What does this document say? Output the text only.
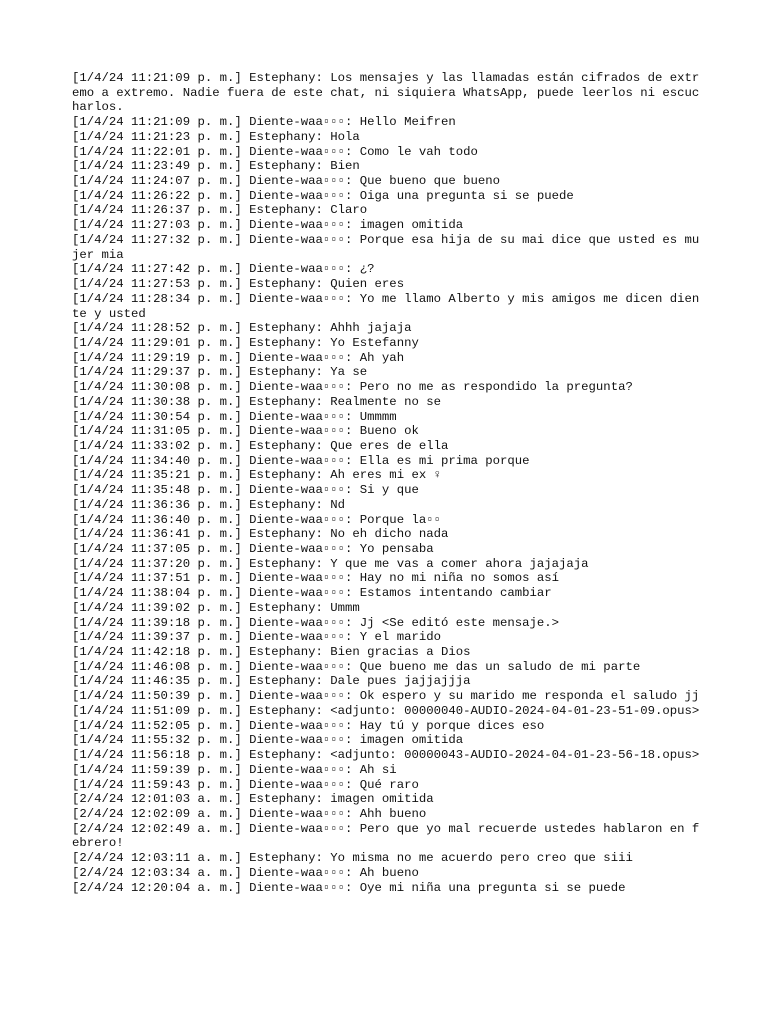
[1/4/24 11:21:09 p. m.] Estephany: Los mensajes y las llamadas están cifrados de extremo a extremo. Nadie fuera de este chat, ni siquiera WhatsApp, puede leerlos ni escucharlos.
[1/4/24 11:21:09 p. m.] Diente-waa▫▫▫: Hello Meifren
[1/4/24 11:21:23 p. m.] Estephany: Hola
[1/4/24 11:22:01 p. m.] Diente-waa▫▫▫: Como le vah todo
[1/4/24 11:23:49 p. m.] Estephany: Bien
[1/4/24 11:24:07 p. m.] Diente-waa▫▫▫: Que bueno que bueno
[1/4/24 11:26:22 p. m.] Diente-waa▫▫▫: Oiga una pregunta si se puede
[1/4/24 11:26:37 p. m.] Estephany: Claro
[1/4/24 11:27:03 p. m.] Diente-waa▫▫▫: imagen omitida
[1/4/24 11:27:32 p. m.] Diente-waa▫▫▫: Porque esa hija de su mai dice que usted es mujer mia
[1/4/24 11:27:42 p. m.] Diente-waa▫▫▫: ¿?
[1/4/24 11:27:53 p. m.] Estephany: Quien eres
[1/4/24 11:28:34 p. m.] Diente-waa▫▫▫: Yo me llamo Alberto y mis amigos me dicen diente y usted
[1/4/24 11:28:52 p. m.] Estephany: Ahhh jajaja
[1/4/24 11:29:01 p. m.] Estephany: Yo Estefanny
[1/4/24 11:29:19 p. m.] Diente-waa▫▫▫: Ah yah
[1/4/24 11:29:37 p. m.] Estephany: Ya se
[1/4/24 11:30:08 p. m.] Diente-waa▫▫▫: Pero no me as respondido la pregunta?
[1/4/24 11:30:38 p. m.] Estephany: Realmente no se
[1/4/24 11:30:54 p. m.] Diente-waa▫▫▫: Ummmm
[1/4/24 11:31:05 p. m.] Diente-waa▫▫▫: Bueno ok
[1/4/24 11:33:02 p. m.] Estephany: Que eres de ella
[1/4/24 11:34:40 p. m.] Diente-waa▫▫▫: Ella es mi prima porque
[1/4/24 11:35:21 p. m.] Estephany: Ah eres mi ex ♀
[1/4/24 11:35:48 p. m.] Diente-waa▫▫▫: Si y que
[1/4/24 11:36:36 p. m.] Estephany: Nd
[1/4/24 11:36:40 p. m.] Diente-waa▫▫▫: Porque la▫▫
[1/4/24 11:36:41 p. m.] Estephany: No eh dicho nada
[1/4/24 11:37:05 p. m.] Diente-waa▫▫▫: Yo pensaba
[1/4/24 11:37:20 p. m.] Estephany: Y que me vas a comer ahora jajajaja
[1/4/24 11:37:51 p. m.] Diente-waa▫▫▫: Hay no mi niña no somos así
[1/4/24 11:38:04 p. m.] Diente-waa▫▫▫: Estamos intentando cambiar
[1/4/24 11:39:02 p. m.] Estephany: Ummm
[1/4/24 11:39:18 p. m.] Diente-waa▫▫▫: Jj <Se editó este mensaje.>
[1/4/24 11:39:37 p. m.] Diente-waa▫▫▫: Y el marido
[1/4/24 11:42:18 p. m.] Estephany: Bien gracias a Dios
[1/4/24 11:46:08 p. m.] Diente-waa▫▫▫: Que bueno me das un saludo de mi parte
[1/4/24 11:46:35 p. m.] Estephany: Dale pues jajjajjja
[1/4/24 11:50:39 p. m.] Diente-waa▫▫▫: Ok espero y su marido me responda el saludo jj
[1/4/24 11:51:09 p. m.] Estephany: <adjunto: 00000040-AUDIO-2024-04-01-23-51-09.opus>
[1/4/24 11:52:05 p. m.] Diente-waa▫▫▫: Hay tú y porque dices eso
[1/4/24 11:55:32 p. m.] Diente-waa▫▫▫: imagen omitida
[1/4/24 11:56:18 p. m.] Estephany: <adjunto: 00000043-AUDIO-2024-04-01-23-56-18.opus>
[1/4/24 11:59:39 p. m.] Diente-waa▫▫▫: Ah si
[1/4/24 11:59:43 p. m.] Diente-waa▫▫▫: Qué raro
[2/4/24 12:01:03 a. m.] Estephany: imagen omitida
[2/4/24 12:02:09 a. m.] Diente-waa▫▫▫: Ahh bueno
[2/4/24 12:02:49 a. m.] Diente-waa▫▫▫: Pero que yo mal recuerde ustedes hablaron en febrero!
[2/4/24 12:03:11 a. m.] Estephany: Yo misma no me acuerdo pero creo que siii
[2/4/24 12:03:34 a. m.] Diente-waa▫▫▫: Ah bueno
[2/4/24 12:20:04 a. m.] Diente-waa▫▫▫: Oye mi niña una pregunta si se puede
